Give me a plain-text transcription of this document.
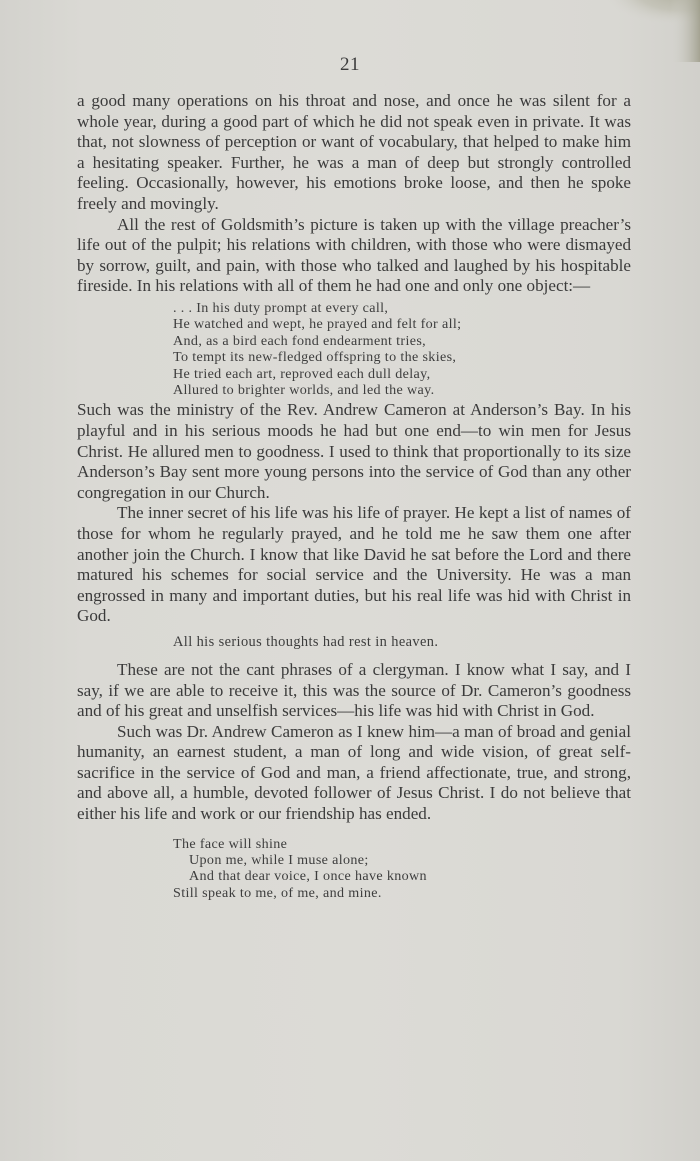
21

a good many operations on his throat and nose, and once he was silent for a whole year, during a good part of which he did not speak even in private. It was that, not slowness of perception or want of vocabulary, that helped to make him a hesitating speaker. Further, he was a man of deep but strongly controlled feeling. Occasionally, however, his emotions broke loose, and then he spoke freely and movingly.

All the rest of Goldsmith’s picture is taken up with the village preacher’s life out of the pulpit; his relations with children, with those who were dismayed by sorrow, guilt, and pain, with those who talked and laughed by his hospitable fireside. In his relations with all of them he had one and only one object:—

. . . In his duty prompt at every call,
He watched and wept, he prayed and felt for all;
And, as a bird each fond endearment tries,
To tempt its new-fledged offspring to the skies,
He tried each art, reproved each dull delay,
Allured to brighter worlds, and led the way.

Such was the ministry of the Rev. Andrew Cameron at Anderson’s Bay. In his playful and in his serious moods he had but one end—to win men for Jesus Christ. He allured men to goodness. I used to think that proportionally to its size Anderson’s Bay sent more young persons into the service of God than any other congregation in our Church.

The inner secret of his life was his life of prayer. He kept a list of names of those for whom he regularly prayed, and he told me he saw them one after another join the Church. I know that like David he sat before the Lord and there matured his schemes for social service and the University. He was a man engrossed in many and important duties, but his real life was hid with Christ in God.

All his serious thoughts had rest in heaven.

These are not the cant phrases of a clergyman. I know what I say, and I say, if we are able to receive it, this was the source of Dr. Cameron’s goodness and of his great and unselfish services—his life was hid with Christ in God.

Such was Dr. Andrew Cameron as I knew him—a man of broad and genial humanity, an earnest student, a man of long and wide vision, of great self-sacrifice in the service of God and man, a friend affectionate, true, and strong, and above all, a humble, devoted follower of Jesus Christ. I do not believe that either his life and work or our friendship has ended.

The face will shine
Upon me, while I muse alone;
And that dear voice, I once have known
Still speak to me, of me, and mine.
